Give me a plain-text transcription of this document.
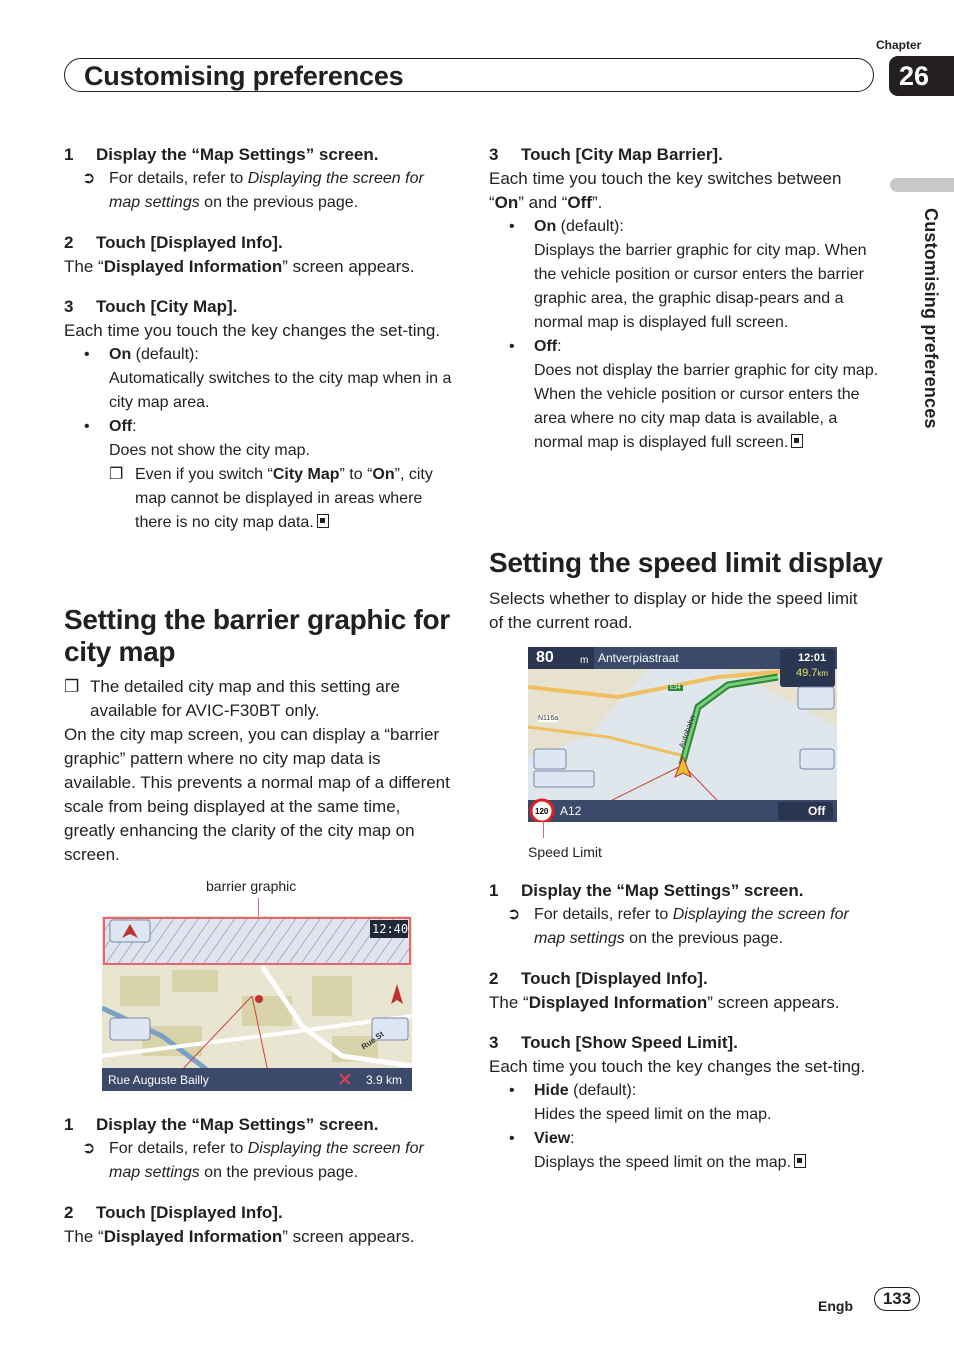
Customising preferences
Chapter
26
Customising preferences
1 Display the “Map Settings” screen.
➲ For details, refer to Displaying the screen for map settings on the previous page.
2 Touch [Displayed Info].
The “Displayed Information” screen appears.
3 Touch [City Map].
Each time you touch the key changes the set-ting.
• On (default):
Automatically switches to the city map when in a city map area.
• Off:
Does not show the city map.
❐ Even if you switch “City Map” to “On”, city map cannot be displayed in areas where there is no city map data.
Setting the barrier graphic for city map
❐ The detailed city map and this setting are available for AVIC-F30BT only.
On the city map screen, you can display a “barrier graphic” pattern where no city map data is available. This prevents a normal map of a different scale from being displayed at the same time, greatly enhancing the clarity of the city map on screen.
barrier graphic
12:40
Rue Auguste Bailly	3.9 km
Rue St
1 Display the “Map Settings” screen.
➲ For details, refer to Displaying the screen for map settings on the previous page.
2 Touch [Displayed Info].
The “Displayed Information” screen appears.
3 Touch [City Map Barrier].
Each time you touch the key switches between “On” and “Off”.
• On (default):
Displays the barrier graphic for city map. When the vehicle position or cursor enters the barrier graphic area, the graphic disap-pears and a normal map is displayed full screen.
• Off:
Does not display the barrier graphic for city map. When the vehicle position or cursor enters the area where no city map data is available, a normal map is displayed full screen.
Setting the speed limit display
Selects whether to display or hide the speed limit of the current road.
80	m Antverpiastraat	12:01
49.7km
E34
N116a	Autobahn
120 A12	Off
Speed Limit
1 Display the “Map Settings” screen.
➲ For details, refer to Displaying the screen for map settings on the previous page.
2 Touch [Displayed Info].
The “Displayed Information” screen appears.
3 Touch [Show Speed Limit].
Each time you touch the key changes the set-ting.
• Hide (default):
Hides the speed limit on the map.
• View:
Displays the speed limit on the map.
Engb	133
